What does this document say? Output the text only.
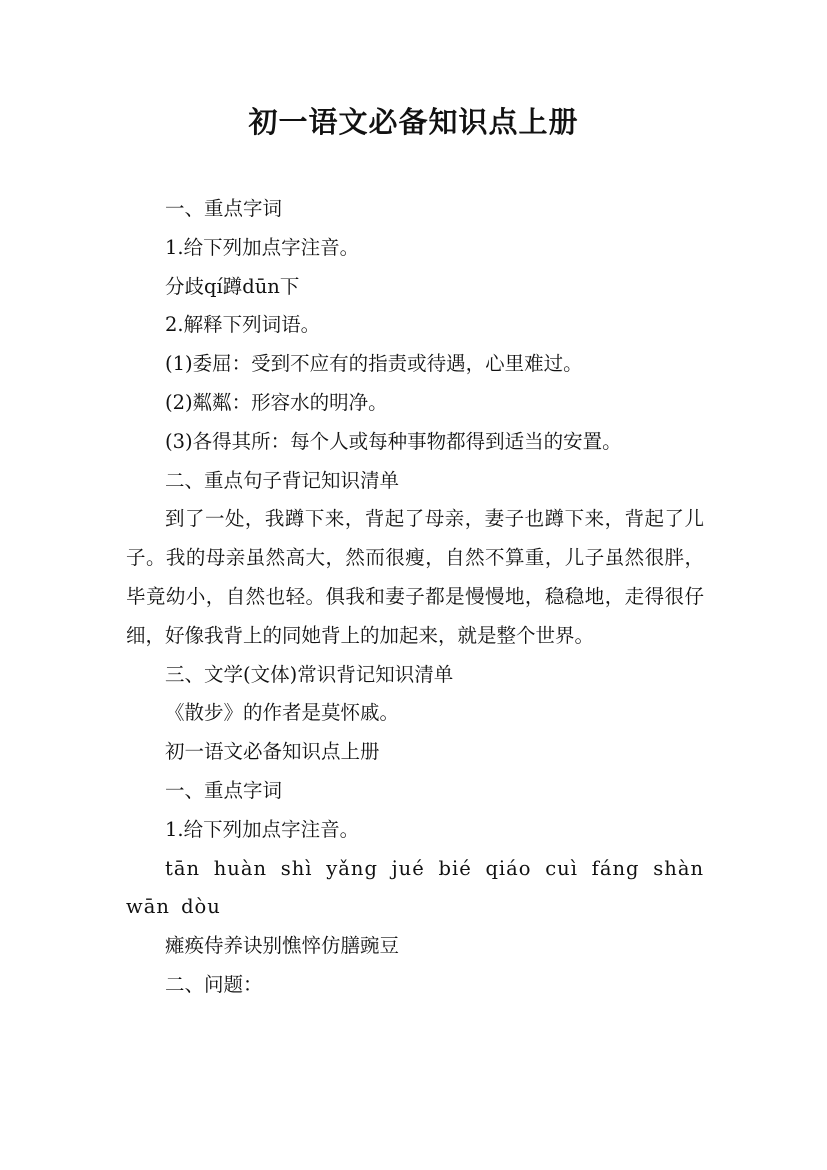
初一语文必备知识点上册

一、重点字词

1.给下列加点字注音。

分歧qí蹲dūn下

2.解释下列词语。

(1)委屈：受到不应有的指责或待遇，心里难过。

(2)粼粼：形容水的明净。

(3)各得其所：每个人或每种事物都得到适当的安置。

二、重点句子背记知识清单

到了一处，我蹲下来，背起了母亲，妻子也蹲下来，背起了儿子。我的母亲虽然高大，然而很瘦，自然不算重，儿子虽然很胖，毕竟幼小，自然也轻。俱我和妻子都是慢慢地，稳稳地，走得很仔细，好像我背上的同她背上的加起来，就是整个世界。

三、文学(文体)常识背记知识清单

《散步》的作者是莫怀戚。

初一语文必备知识点上册

一、重点字词

1.给下列加点字注音。

tān huàn shì yǎng jué bié qiáo cuì fáng shàn wān dòu

瘫痪侍养诀别憔悴仿膳豌豆

二、问题：
